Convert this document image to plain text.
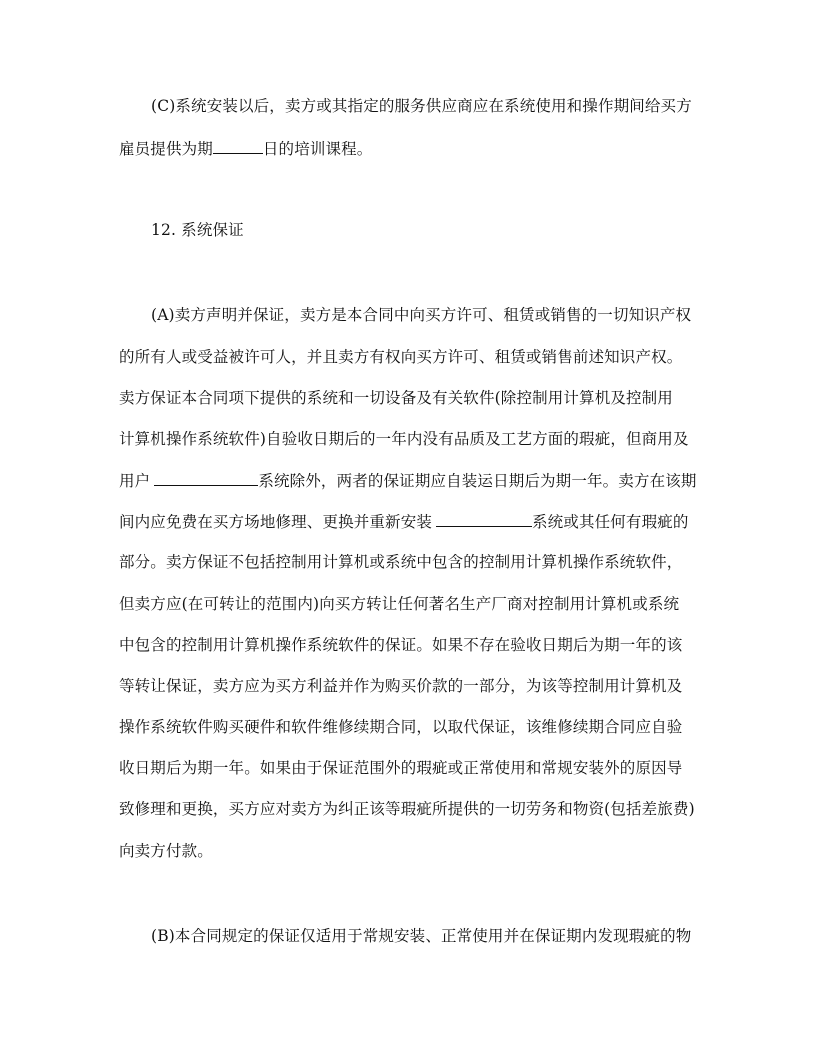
(C)系统安装以后，卖方或其指定的服务供应商应在系统使用和操作期间给买方
雇员提供为期	日的培训课程。
12. 系统保证
(A)卖方声明并保证，卖方是本合同中向买方许可、租赁或销售的一切知识产权
的所有人或受益被许可人，并且卖方有权向买方许可、租赁或销售前述知识产权。
卖方保证本合同项下提供的系统和一切设备及有关软件(除控制用计算机及控制用
计算机操作系统软件)自验收日期后的一年内没有品质及工艺方面的瑕疵，但商用及
用户	系统除外，两者的保证期应自装运日期后为期一年。卖方在该期
间内应免费在买方场地修理、更换并重新安装	系统或其任何有瑕疵的
部分。卖方保证不包括控制用计算机或系统中包含的控制用计算机操作系统软件，
但卖方应(在可转让的范围内)向买方转让任何著名生产厂商对控制用计算机或系统
中包含的控制用计算机操作系统软件的保证。如果不存在验收日期后为期一年的该
等转让保证，卖方应为买方利益并作为购买价款的一部分，为该等控制用计算机及
操作系统软件购买硬件和软件维修续期合同，以取代保证，该维修续期合同应自验
收日期后为期一年。如果由于保证范围外的瑕疵或正常使用和常规安装外的原因导
致修理和更换，买方应对卖方为纠正该等瑕疵所提供的一切劳务和物资(包括差旅费)
向卖方付款。
(B)本合同规定的保证仅适用于常规安装、正常使用并在保证期内发现瑕疵的物
